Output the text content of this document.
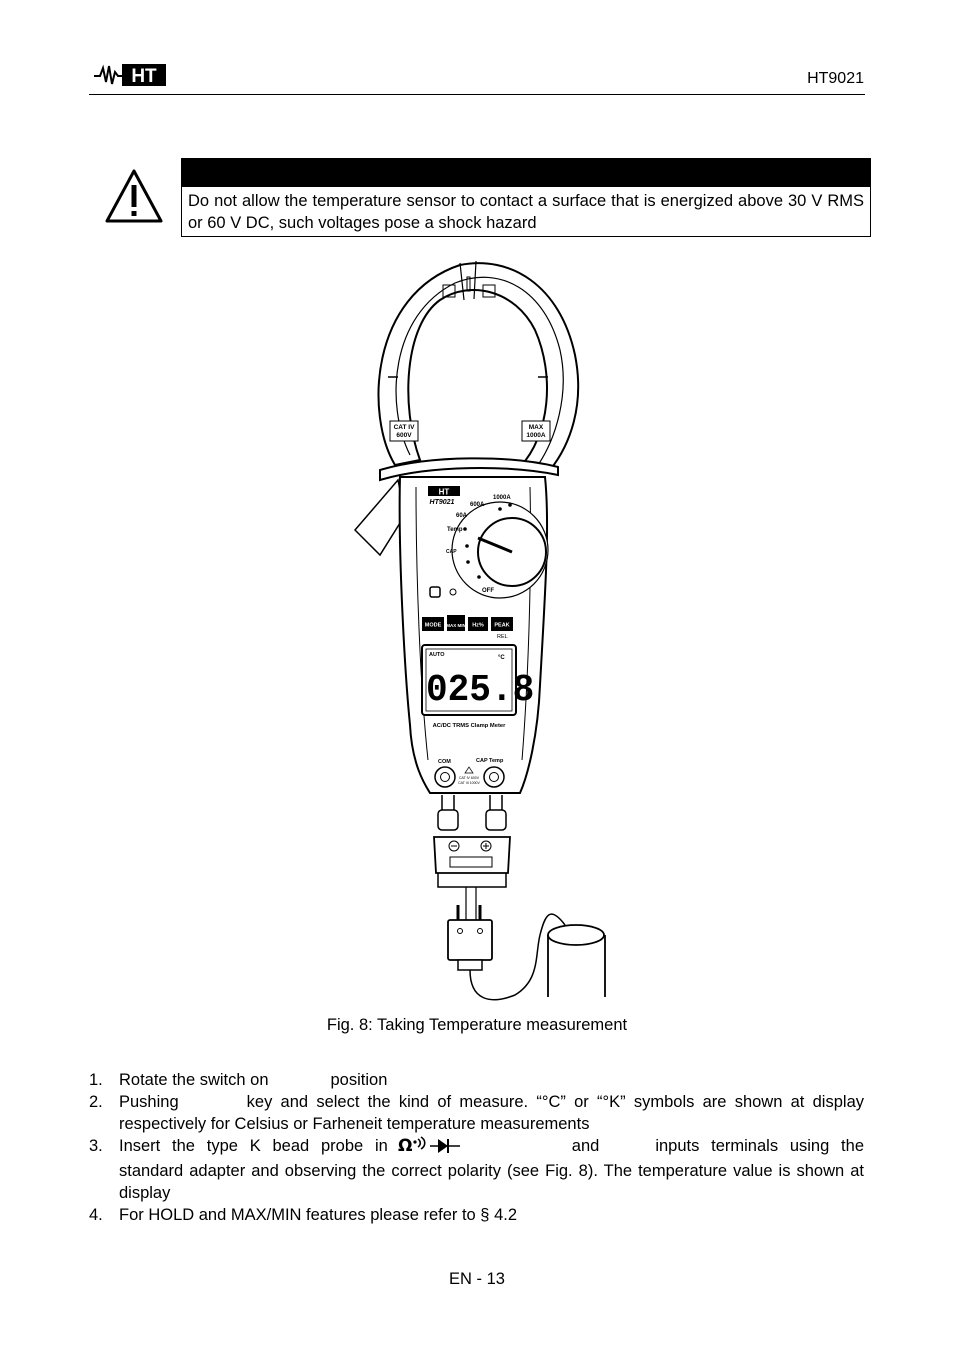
HT	HT9021
Do not allow the temperature sensor to contact a surface that is energized above 30 V RMS or 60 V DC, such voltages pose a shock hazard
CAT IV
600V
MAX
1000A
HT
HT9021	600A
60A
1000A
Temp
OFF
CAP
MODE MAX MIN Hz% PEAK
REL
AUTO
025.8
°C
AC/DC TRMS Clamp Meter
COM	CAP Temp
CAT IV 600V
CAT III 1000V
Fig. 8: Taking Temperature measurement
1. Rotate the switch on	position
2. Pushing	key and select the kind of measure. “°C” or “°K” symbols are shown at display respectively for Celsius or Farheneit temperature measurements
3. Insert the type K bead probe in Ω	and	inputs terminals using the standard adapter and observing the correct polarity (see Fig. 8). The temperature value is shown at display
4. For HOLD and MAX/MIN features please refer to § 4.2
EN - 13
